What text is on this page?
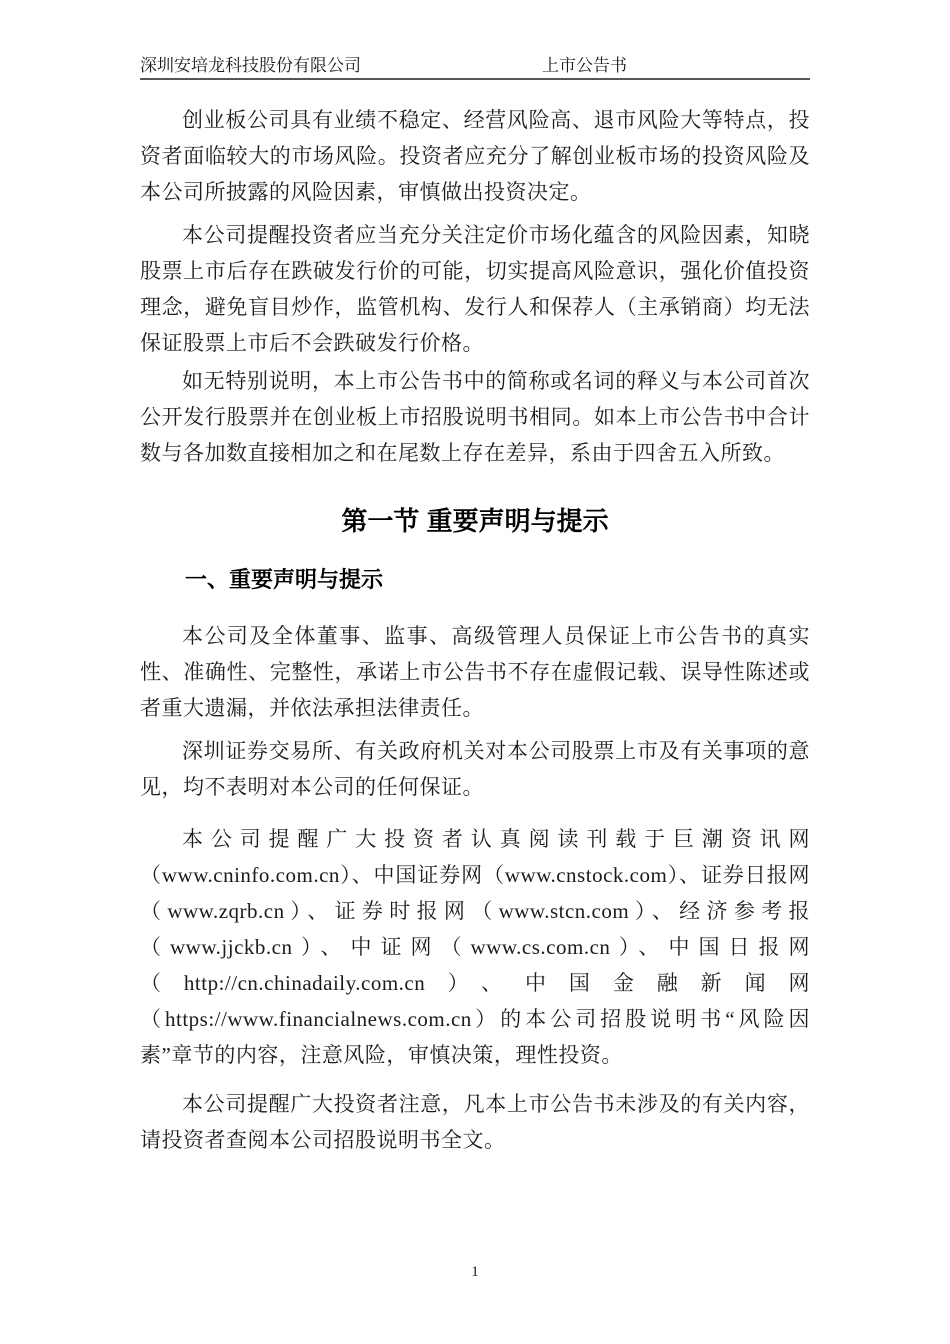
深圳安培龙科技股份有限公司	上市公告书

创业板公司具有业绩不稳定、经营风险高、退市风险大等特点，投资者面临较大的市场风险。投资者应充分了解创业板市场的投资风险及本公司所披露的风险因素，审慎做出投资决定。

本公司提醒投资者应当充分关注定价市场化蕴含的风险因素，知晓股票上市后存在跌破发行价的可能，切实提高风险意识，强化价值投资理念，避免盲目炒作，监管机构、发行人和保荐人（主承销商）均无法保证股票上市后不会跌破发行价格。

如无特别说明，本上市公告书中的简称或名词的释义与本公司首次公开发行股票并在创业板上市招股说明书相同。如本上市公告书中合计数与各加数直接相加之和在尾数上存在差异，系由于四舍五入所致。

第一节 重要声明与提示
一、重要声明与提示

本公司及全体董事、监事、高级管理人员保证上市公告书的真实性、准确性、完整性，承诺上市公告书不存在虚假记载、误导性陈述或者重大遗漏，并依法承担法律责任。

深圳证券交易所、有关政府机关对本公司股票上市及有关事项的意见，均不表明对本公司的任何保证。

本公司提醒广大投资者认真阅读刊载于巨潮资讯网（www.cninfo.com.cn）、中国证券网（www.cnstock.com）、证券日报网（www.zqrb.cn）、证券时报网（www.stcn.com）、经济参考报（www.jjckb.cn）、中证网（www.cs.com.cn）、中国日报网（http://cn.chinadaily.com.cn）、中国金融新闻网（https://www.financialnews.com.cn）的本公司招股说明书“风险因素”章节的内容，注意风险，审慎决策，理性投资。

本公司提醒广大投资者注意，凡本上市公告书未涉及的有关内容，请投资者查阅本公司招股说明书全文。

1
